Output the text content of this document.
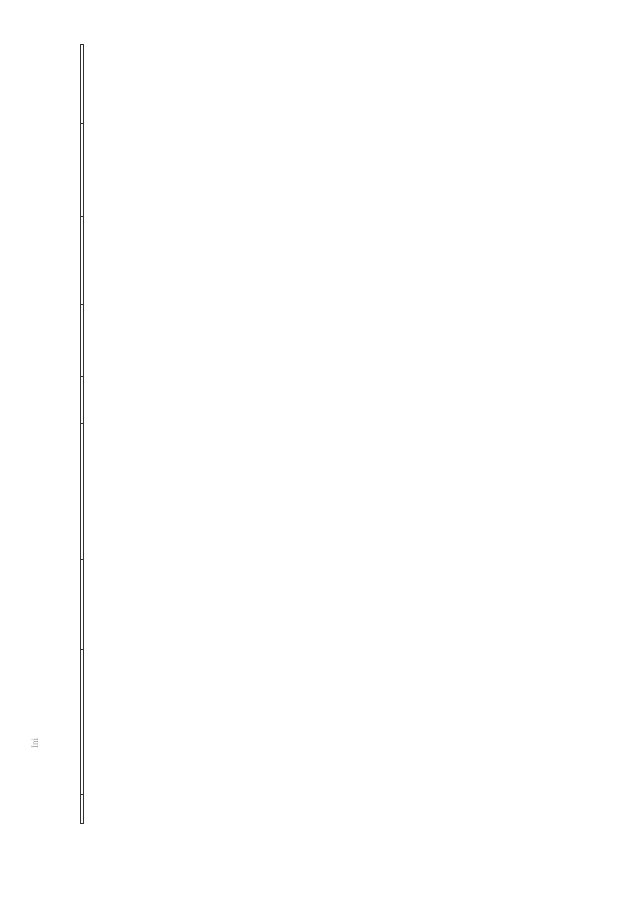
Ini
